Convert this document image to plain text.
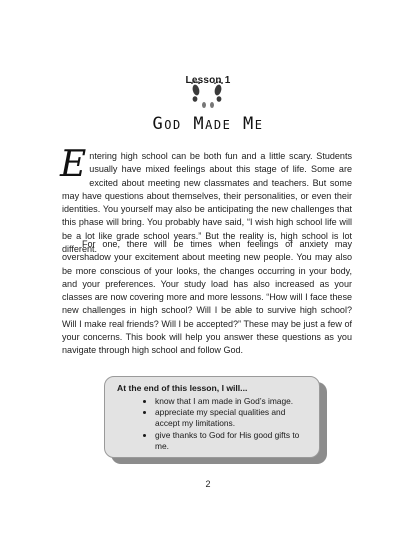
Lesson 1
God Made Me
E ntering high school can be both fun and a little scary. Students usually have mixed feelings about this stage of life. Some are excited about meeting new classmates and teachers. But some may have questions about themselves, their personalities, or even their identities. You yourself may also be anticipating the new challenges that this phase will bring. You probably have said, “I wish high school life will be a lot like grade school years.” But the reality is, high school is lot different.
For one, there will be times when feelings of anxiety may overshadow your excitement about meeting new people. You may also be more conscious of your looks, the changes occurring in your body, and your preferences. Your study load has also increased as your classes are now covering more and more lessons. “How will I face these new challenges in high school? Will I be able to survive high school? Will I make real friends? Will I be accepted?” These may be just a few of your concerns. This book will help you answer these questions as you navigate through high school and follow God.
At the end of this lesson, I will...
• know that I am made in God’s image.
• appreciate my special qualities and accept my limitations.
• give thanks to God for His good gifts to me.
2
